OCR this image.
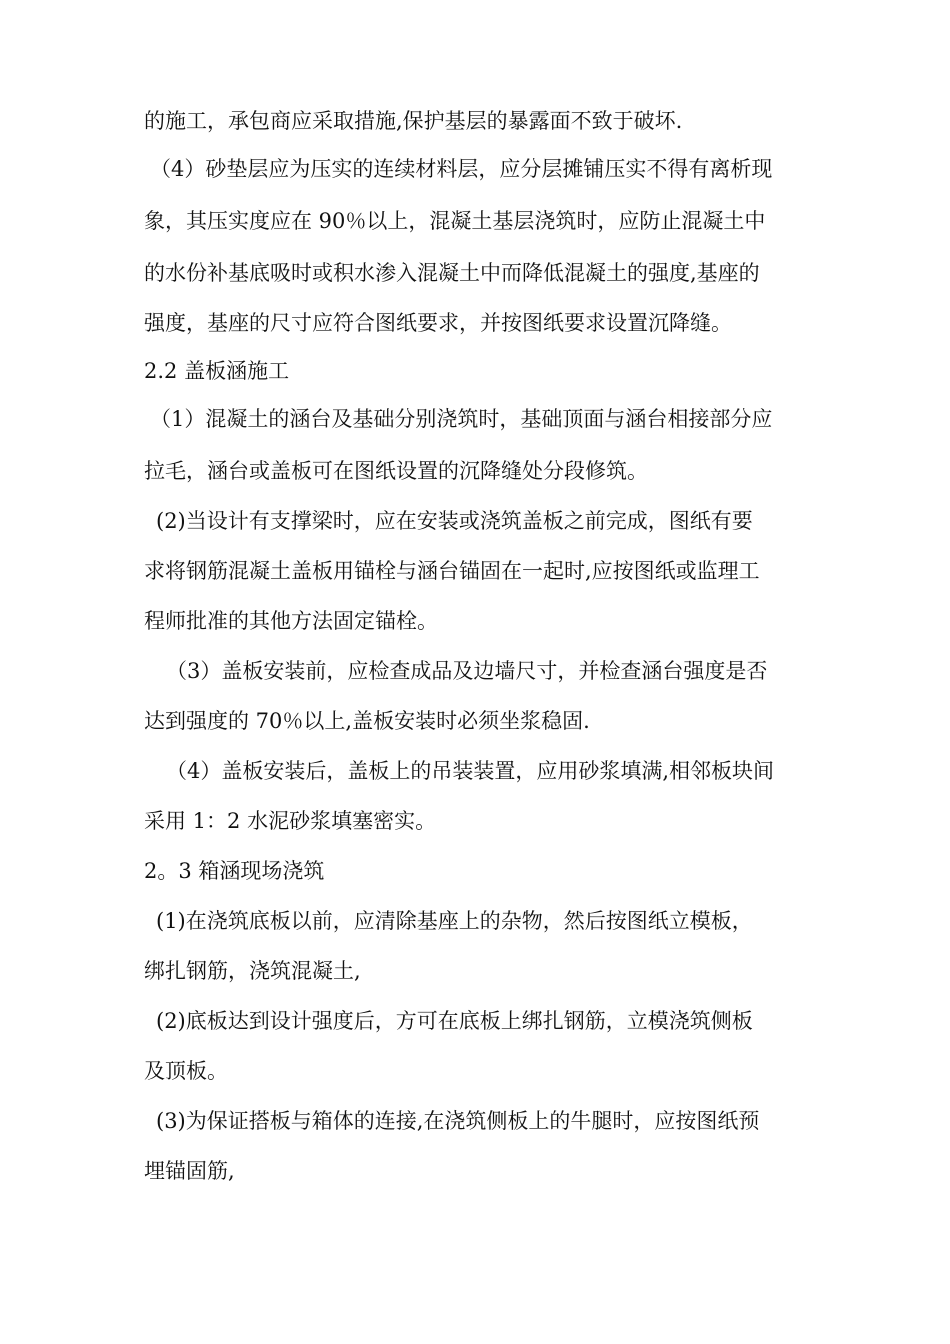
的施工，承包商应采取措施,保护基层的暴露面不致于破坏.
（4）砂垫层应为压实的连续材料层，应分层摊铺压实不得有离析现
象，其压实度应在 90％以上，混凝土基层浇筑时，应防止混凝土中
的水份补基底吸时或积水渗入混凝土中而降低混凝土的强度,基座的
强度，基座的尺寸应符合图纸要求，并按图纸要求设置沉降缝。
2.2 盖板涵施工
（1）混凝土的涵台及基础分别浇筑时，基础顶面与涵台相接部分应
拉毛，涵台或盖板可在图纸设置的沉降缝处分段修筑。
(2)当设计有支撑梁时，应在安装或浇筑盖板之前完成，图纸有要
求将钢筋混凝土盖板用锚栓与涵台锚固在一起时,应按图纸或监理工
程师批准的其他方法固定锚栓。
（3）盖板安装前，应检查成品及边墙尺寸，并检查涵台强度是否
达到强度的 70％以上,盖板安装时必须坐浆稳固.
（4）盖板安装后，盖板上的吊装装置，应用砂浆填满,相邻板块间
采用 1：2 水泥砂浆填塞密实。
2。3 箱涵现场浇筑
(1)在浇筑底板以前，应清除基座上的杂物，然后按图纸立模板，
绑扎钢筋，浇筑混凝土,
(2)底板达到设计强度后，方可在底板上绑扎钢筋，立模浇筑侧板
及顶板。
(3)为保证搭板与箱体的连接,在浇筑侧板上的牛腿时，应按图纸预
埋锚固筋,
